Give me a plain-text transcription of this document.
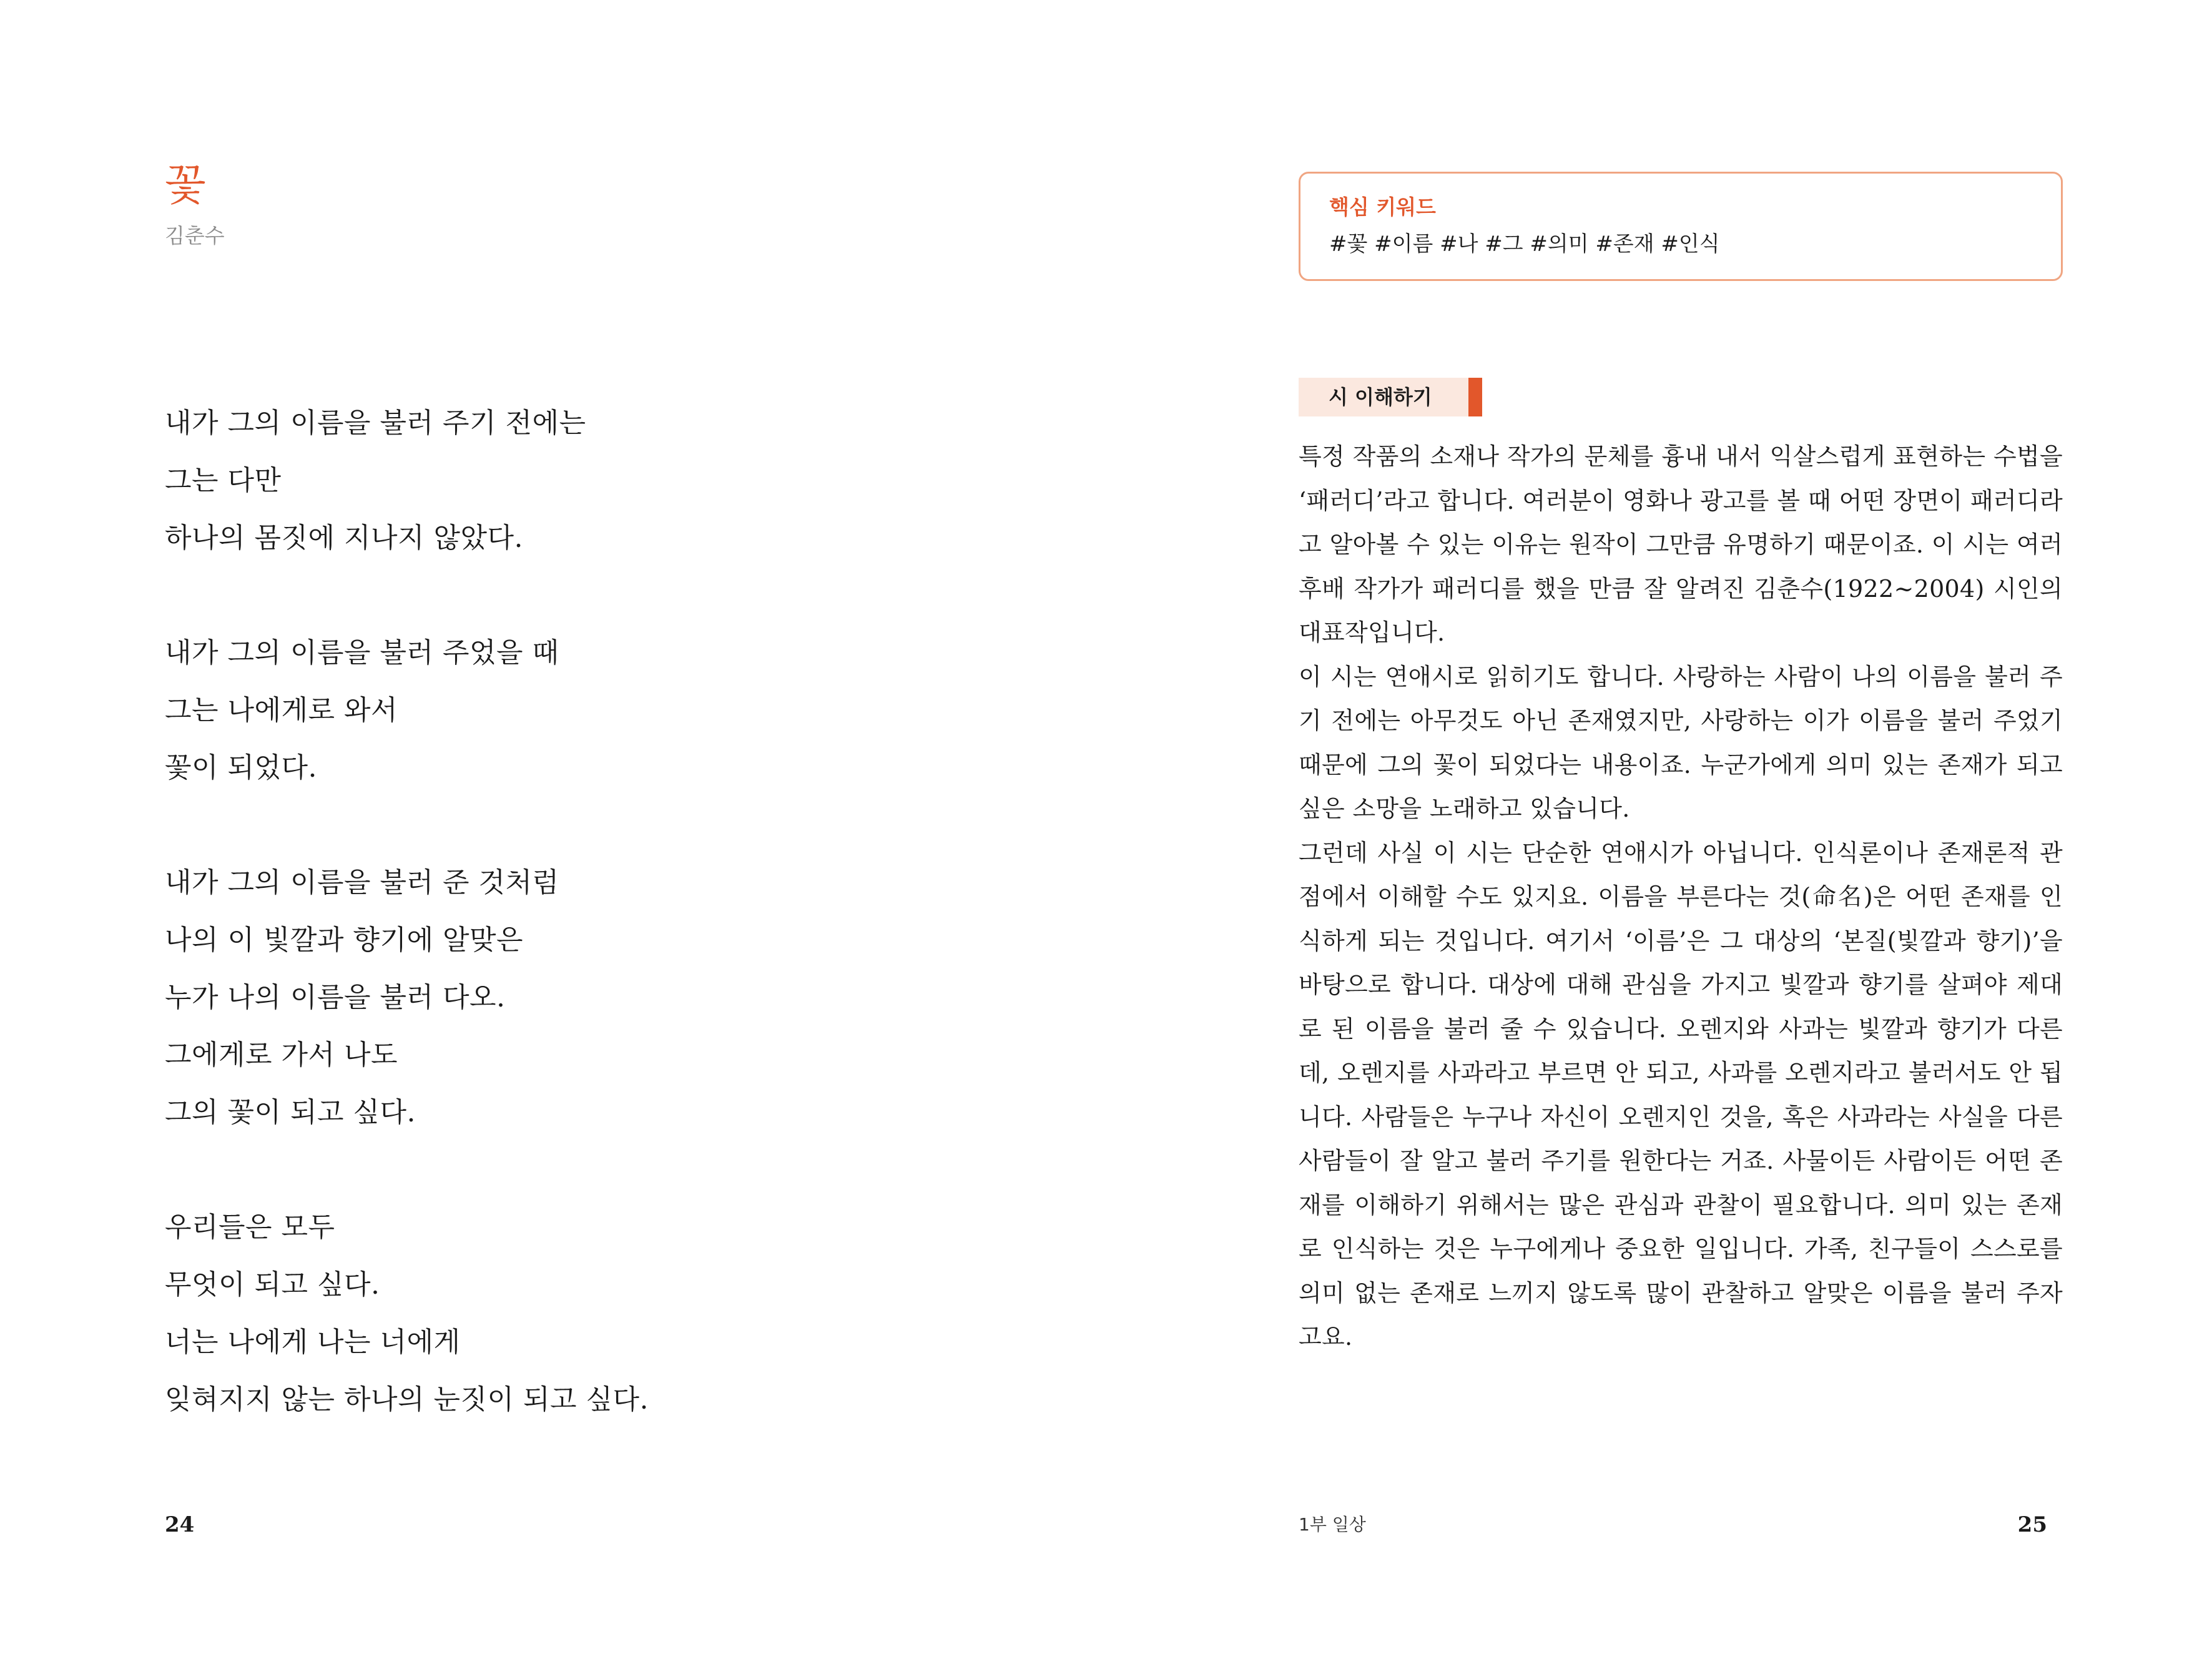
꽃
김춘수
내가 그의 이름을 불러 주기 전에는
그는 다만
하나의 몸짓에 지나지 않았다.
내가 그의 이름을 불러 주었을 때
그는 나에게로 와서
꽃이 되었다.
내가 그의 이름을 불러 준 것처럼
나의 이 빛깔과 향기에 알맞은
누가 나의 이름을 불러 다오.
그에게로 가서 나도
그의 꽃이 되고 싶다.
우리들은 모두
무엇이 되고 싶다.
너는 나에게 나는 너에게
잊혀지지 않는 하나의 눈짓이 되고 싶다.
24
핵심 키워드
#꽃 #이름 #나 #그 #의미 #존재 #인식
시 이해하기

특정 작품의 소재나 작가의 문체를 흉내 내서 익살스럽게 표현하는 수법을 ‘패러디’라고 합니다. 여러분이 영화나 광고를 볼 때 어떤 장면이 패러디라고 알아볼 수 있는 이유는 원작이 그만큼 유명하기 때문이죠. 이 시는 여러 후배 작가가 패러디를 했을 만큼 잘 알려진 김춘수(1922~2004) 시인의 대표작입니다.

이 시는 연애시로 읽히기도 합니다. 사랑하는 사람이 나의 이름을 불러 주기 전에는 아무것도 아닌 존재였지만, 사랑하는 이가 이름을 불러 주었기 때문에 그의 꽃이 되었다는 내용이죠. 누군가에게 의미 있는 존재가 되고 싶은 소망을 노래하고 있습니다.

그런데 사실 이 시는 단순한 연애시가 아닙니다. 인식론이나 존재론적 관점에서 이해할 수도 있지요. 이름을 부른다는 것(命名)은 어떤 존재를 인식하게 되는 것입니다. 여기서 ‘이름’은 그 대상의 ‘본질(빛깔과 향기)’을 바탕으로 합니다. 대상에 대해 관심을 가지고 빛깔과 향기를 살펴야 제대로 된 이름을 불러 줄 수 있습니다. 오렌지와 사과는 빛깔과 향기가 다른데, 오렌지를 사과라고 부르면 안 되고, 사과를 오렌지라고 불러서도 안 됩니다. 사람들은 누구나 자신이 오렌지인 것을, 혹은 사과라는 사실을 다른 사람들이 잘 알고 불러 주기를 원한다는 거죠. 사물이든 사람이든 어떤 존재를 이해하기 위해서는 많은 관심과 관찰이 필요합니다. 의미 있는 존재로 인식하는 것은 누구에게나 중요한 일입니다. 가족, 친구들이 스스로를 의미 없는 존재로 느끼지 않도록 많이 관찰하고 알맞은 이름을 불러 주자고요.

1부 일상	25
